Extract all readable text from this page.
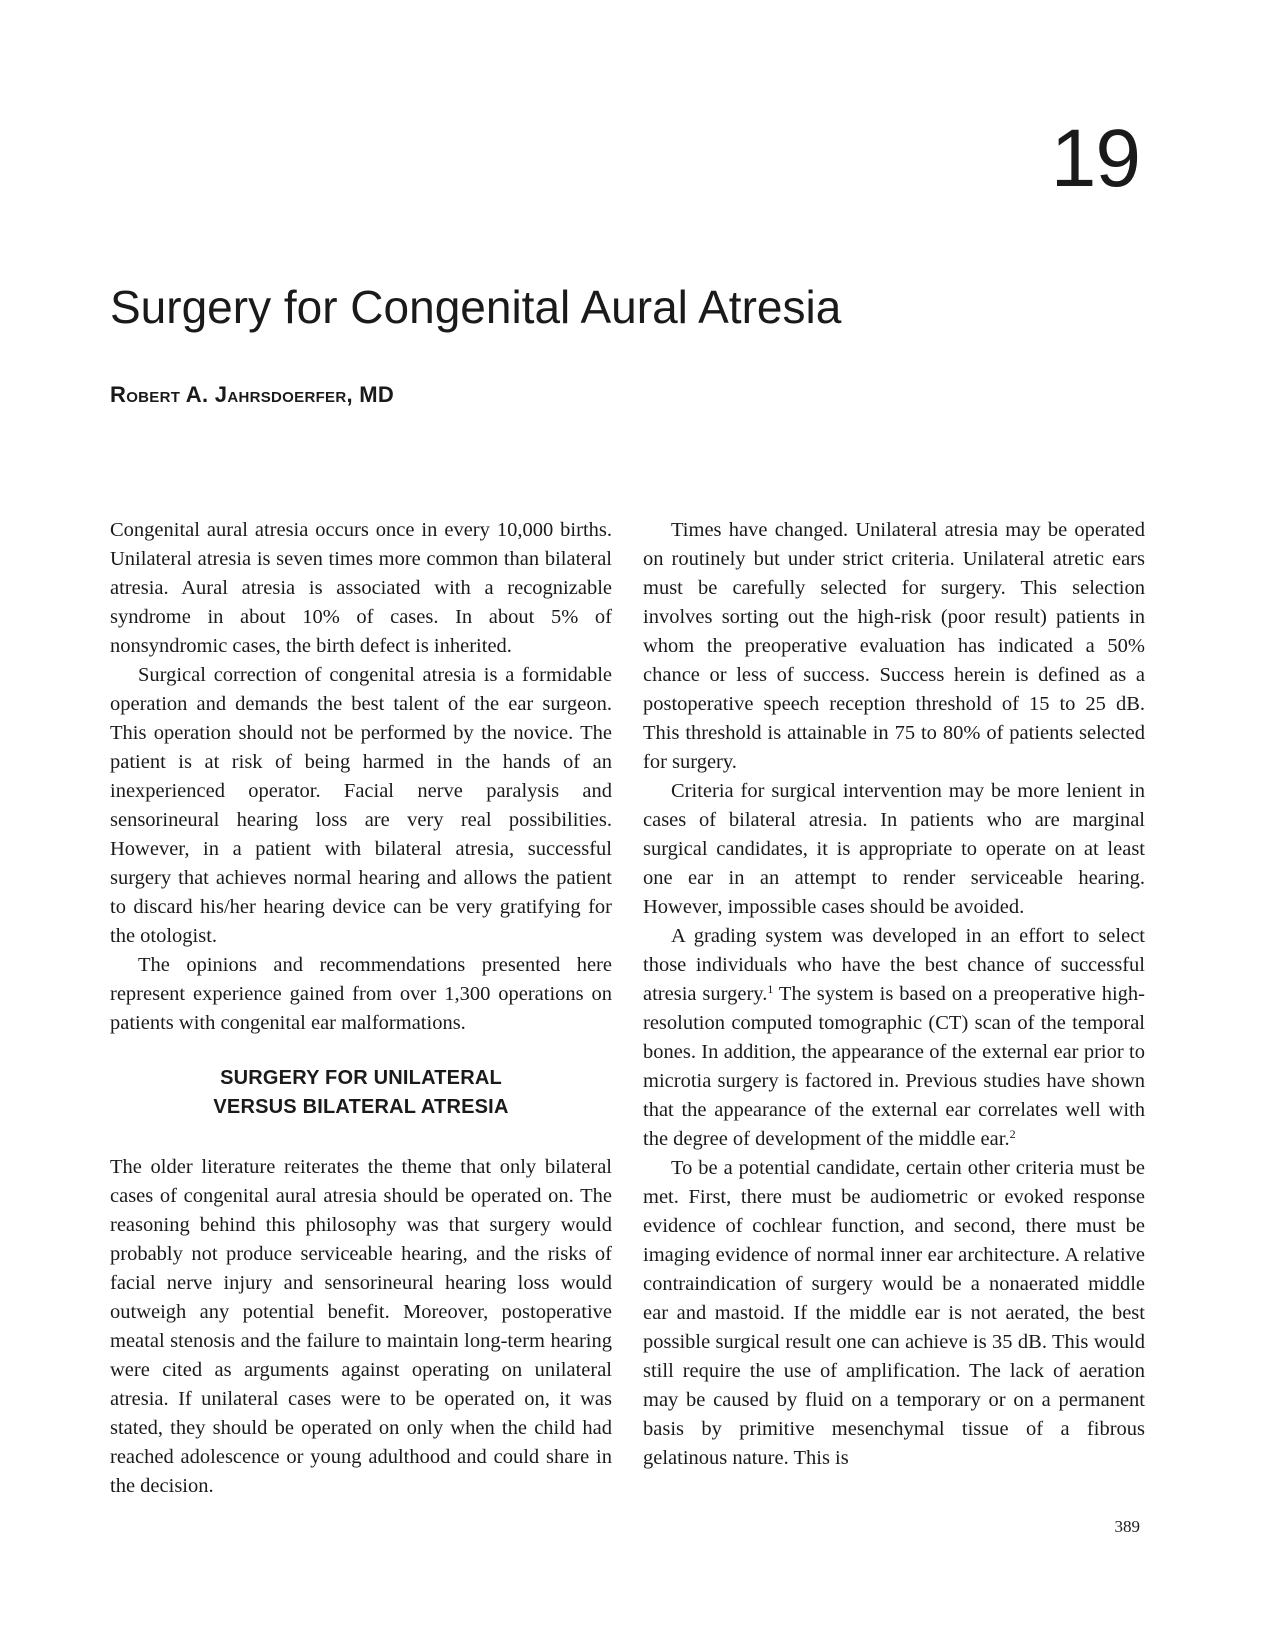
19
Surgery for Congenital Aural Atresia
Robert A. Jahrsdoerfer, MD

Congenital aural atresia occurs once in every 10,000 births. Unilateral atresia is seven times more common than bilateral atresia. Aural atresia is associated with a recognizable syndrome in about 10% of cases. In about 5% of nonsyndromic cases, the birth defect is inherited.

Surgical correction of congenital atresia is a formidable operation and demands the best talent of the ear surgeon. This operation should not be performed by the novice. The patient is at risk of being harmed in the hands of an inexperienced operator. Facial nerve paralysis and sensorineural hearing loss are very real possibilities. However, in a patient with bilateral atresia, successful surgery that achieves normal hearing and allows the patient to discard his/her hearing device can be very gratifying for the otologist.

The opinions and recommendations presented here represent experience gained from over 1,300 operations on patients with congenital ear malformations.

SURGERY FOR UNILATERAL
VERSUS BILATERAL ATRESIA

The older literature reiterates the theme that only bilateral cases of congenital aural atresia should be operated on. The reasoning behind this philosophy was that surgery would probably not produce serviceable hearing, and the risks of facial nerve injury and sensorineural hearing loss would outweigh any potential benefit. Moreover, postoperative meatal stenosis and the failure to maintain long-term hearing were cited as arguments against operating on unilateral atresia. If unilateral cases were to be operated on, it was stated, they should be operated on only when the child had reached adolescence or young adulthood and could share in the decision.

Times have changed. Unilateral atresia may be operated on routinely but under strict criteria. Unilateral atretic ears must be carefully selected for surgery. This selection involves sorting out the high-risk (poor result) patients in whom the preoperative evaluation has indicated a 50% chance or less of success. Success herein is defined as a postoperative speech reception threshold of 15 to 25 dB. This threshold is attainable in 75 to 80% of patients selected for surgery.

Criteria for surgical intervention may be more lenient in cases of bilateral atresia. In patients who are marginal surgical candidates, it is appropriate to operate on at least one ear in an attempt to render serviceable hearing. However, impossible cases should be avoided.

A grading system was developed in an effort to select those individuals who have the best chance of successful atresia surgery.$^1$ The system is based on a preoperative high-resolution computed tomographic (CT) scan of the temporal bones. In addition, the appearance of the external ear prior to microtia surgery is factored in. Previous studies have shown that the appearance of the external ear correlates well with the degree of development of the middle ear.$^2$

To be a potential candidate, certain other criteria must be met. First, there must be audiometric or evoked response evidence of cochlear function, and second, there must be imaging evidence of normal inner ear architecture. A relative contraindication of surgery would be a nonaerated middle ear and mastoid. If the middle ear is not aerated, the best possible surgical result one can achieve is 35 dB. This would still require the use of amplification. The lack of aeration may be caused by fluid on a temporary or on a permanent basis by primitive mesenchymal tissue of a fibrous gelatinous nature. This is

389
